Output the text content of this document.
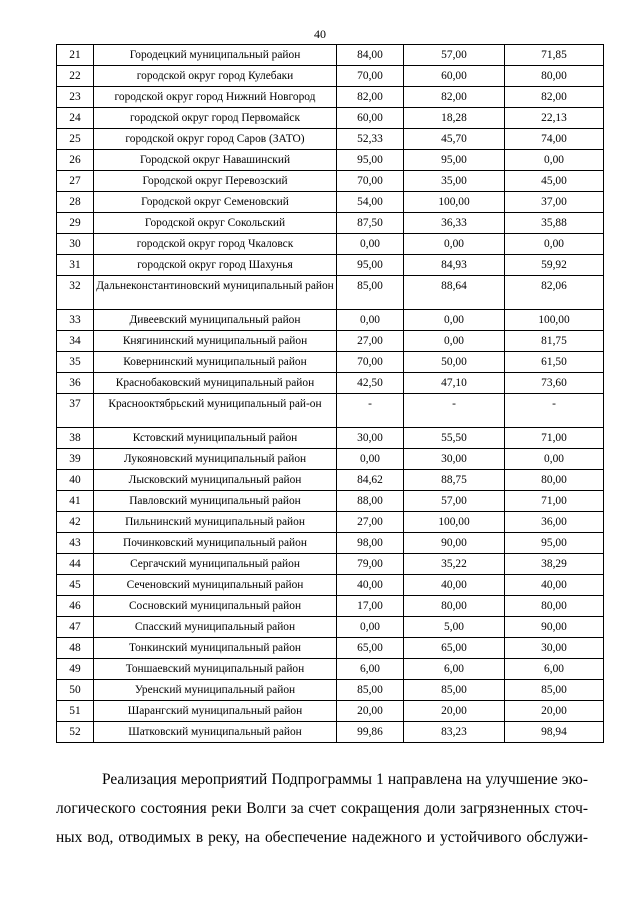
40
21	Городецкий муниципальный район	84,00	57,00	71,85
22	городской округ город Кулебаки	70,00	60,00	80,00
23	городской округ город Нижний Новгород	82,00	82,00	82,00
24	городской округ город Первомайск	60,00	18,28	22,13
25	городской округ город Саров (ЗАТО)	52,33	45,70	74,00
26	Городской округ Навашинский	95,00	95,00	0,00
27	Городской округ Перевозский	70,00	35,00	45,00
28	Городской округ Семеновский	54,00	100,00	37,00
29	Городской округ Сокольский	87,50	36,33	35,88
30	городской округ город Чкаловск	0,00	0,00	0,00
31	городской округ город Шахунья	95,00	84,93	59,92
32	Дальнеконстантиновский муниципальный район	85,00	88,64	82,06
33	Дивеевский муниципальный район	0,00	0,00	100,00
34	Княгининский муниципальный район	27,00	0,00	81,75
35	Ковернинский муниципальный район	70,00	50,00	61,50
36	Краснобаковский муниципальный район	42,50	47,10	73,60
37	Краснооктябрьский муниципальный рай-он	-	-	-
38	Кстовский муниципальный район	30,00	55,50	71,00
39	Лукояновский муниципальный район	0,00	30,00	0,00
40	Лысковский муниципальный район	84,62	88,75	80,00
41	Павловский муниципальный район	88,00	57,00	71,00
42	Пильнинский муниципальный район	27,00	100,00	36,00
43	Починковский муниципальный район	98,00	90,00	95,00
44	Сергачский муниципальный район	79,00	35,22	38,29
45	Сеченовский муниципальный район	40,00	40,00	40,00
46	Сосновский муниципальный район	17,00	80,00	80,00
47	Спасский муниципальный район	0,00	5,00	90,00
48	Тонкинский муниципальный район	65,00	65,00	30,00
49	Тоншаевский муниципальный район	6,00	6,00	6,00
50	Уренский муниципальный район	85,00	85,00	85,00
51	Шарангский муниципальный район	20,00	20,00	20,00
52	Шатковский муниципальный район	99,86	83,23	98,94
Реализация мероприятий Подпрограммы 1 направлена на улучшение эко-
логического состояния реки Волги за счет сокращения доли загрязненных сточ-
ных вод, отводимых в реку, на обеспечение надежного и устойчивого обслужи-
